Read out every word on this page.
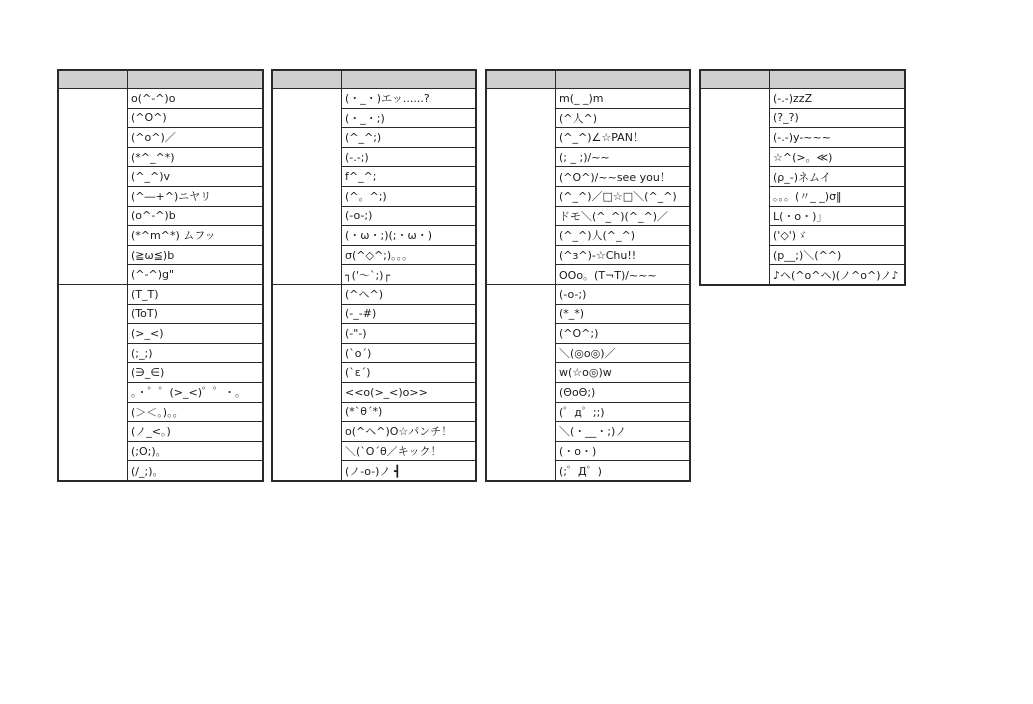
	o(^-^)o
	(^O^)
	(^o^)／
	(*^_^*)
	(^_^)v
	(^―+^)ニヤリ
	(o^-^)b
	(*^m^*) ムフッ
	(≧ω≦)b
	(^-^)g"
	(T_T)
	(ToT)
	(>_<)
	(;_;)
	(∋_∈)
	。・゜゜(>_<)゜゜・。
	(＞＜。)。。
	(ノ_<。)
	(;O;)。
	(/_;)。

	(・_・)エッ......?
	(・_・;)
	(^_^;)
	(-.-;)
	f^_^;
	(^。^;)
	(-o-;)
	(・ω・;)(;・ω・)
	σ(^◇^;)。。。
	┐('～`;)┌
	(^ヘ^)
	(-_-#)
	(-"-)
	(`o´)
	(`ε´)
	<<o(>_<)o>>
	(*`θ´*)
	o(^ヘ^)O☆パンチ！
	＼(`O´θ／キック！
	(ノ-o-)ノ ┫

	m(_ _)m
	(^人^)
	(^_^)∠☆PAN！
	(; _ ;)/~~
	(^O^)/~~see you！
	(^_^)／□☆□＼(^_^)
	ドモ＼(^_^)(^_^)／
	(^_^)人(^_^)
	(^з^)-☆Chu!!
	OOo。(T¬T)/~~~
	(-o-;)
	(*_*)
	(^O^;)
	＼(◎o◎)／
	w(☆o◎)w
	(ΘoΘ;)
	(゜д゜;;)
	＼(・__・;)ノ
	(・o・)
	(;゜Д゜)

	(-.-)zzZ
	(?_?)
	(-.-)y-~~~
	☆^(>。≪)
	(ρ_-)ネムイ
	。。。(〃_ _)σ‖
	L(・o・)」
	('◇')ゞ
	(p__;)＼(^^)
	♪ヘ(^o^ヘ)(ノ^o^)ノ♪
